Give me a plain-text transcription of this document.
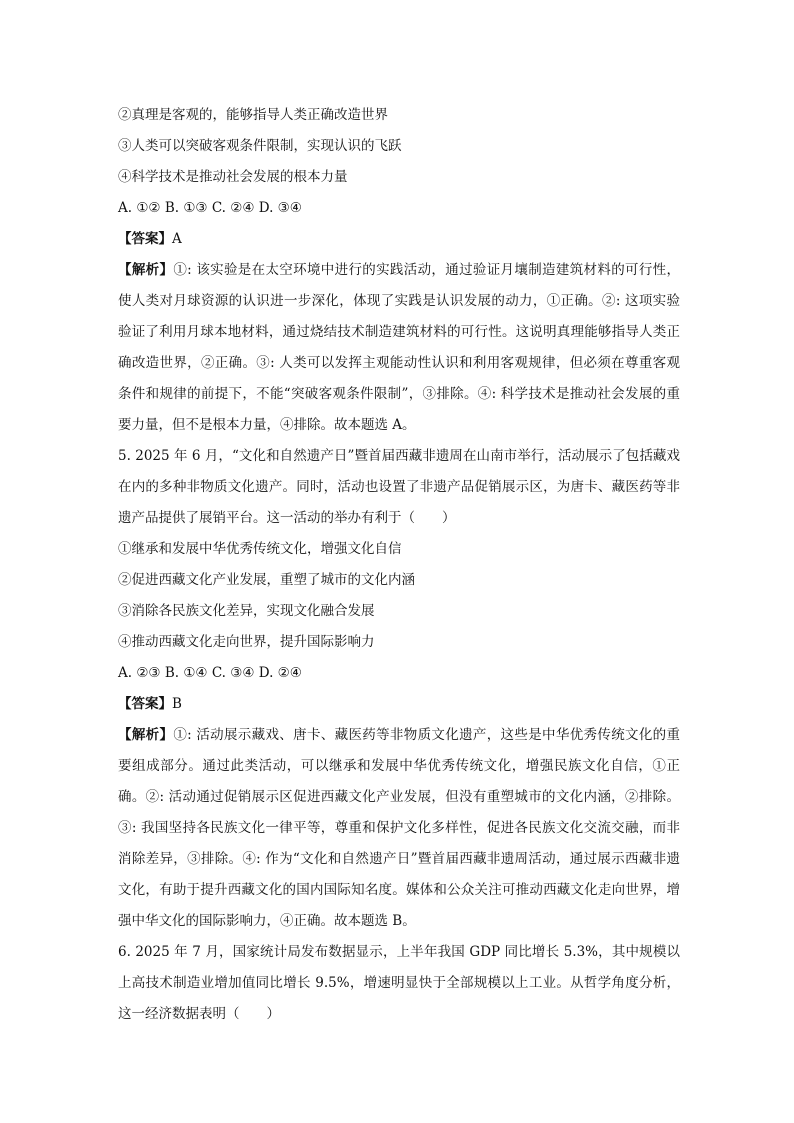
②真理是客观的，能够指导人类正确改造世界
③人类可以突破客观条件限制，实现认识的飞跃
④科学技术是推动社会发展的根本力量
A. ①② B. ①③ C. ②④ D. ③④
【答案】A
【解析】①: 该实验是在太空环境中进行的实践活动，通过验证月壤制造建筑材料的可行性，使人类对月球资源的认识进一步深化，体现了实践是认识发展的动力，①正确。②: 这项实验验证了利用月球本地材料，通过烧结技术制造建筑材料的可行性。这说明真理能够指导人类正确改造世界，②正确。③: 人类可以发挥主观能动性认识和利用客观规律，但必须在尊重客观条件和规律的前提下，不能“突破客观条件限制”，③排除。④: 科学技术是推动社会发展的重要力量，但不是根本力量，④排除。故本题选 A。
5. 2025 年 6 月，“文化和自然遗产日”暨首届西藏非遗周在山南市举行，活动展示了包括藏戏在内的多种非物质文化遗产。同时，活动也设置了非遗产品促销展示区，为唐卡、藏医药等非遗产品提供了展销平台。这一活动的举办有利于（　　）
①继承和发展中华优秀传统文化，增强文化自信
②促进西藏文化产业发展，重塑了城市的文化内涵
③消除各民族文化差异，实现文化融合发展
④推动西藏文化走向世界，提升国际影响力
A. ②③ B. ①④ C. ③④ D. ②④
【答案】B
【解析】①: 活动展示藏戏、唐卡、藏医药等非物质文化遗产，这些是中华优秀传统文化的重要组成部分。通过此类活动，可以继承和发展中华优秀传统文化，增强民族文化自信，①正确。②: 活动通过促销展示区促进西藏文化产业发展，但没有重塑城市的文化内涵，②排除。③: 我国坚持各民族文化一律平等，尊重和保护文化多样性，促进各民族文化交流交融，而非消除差异，③排除。④: 作为“文化和自然遗产日”暨首届西藏非遗周活动，通过展示西藏非遗文化，有助于提升西藏文化的国内国际知名度。媒体和公众关注可推动西藏文化走向世界，增强中华文化的国际影响力，④正确。故本题选 B。
6. 2025 年 7 月，国家统计局发布数据显示，上半年我国 GDP 同比增长 5.3%，其中规模以上高技术制造业增加值同比增长 9.5%，增速明显快于全部规模以上工业。从哲学角度分析，这一经济数据表明（　　）
